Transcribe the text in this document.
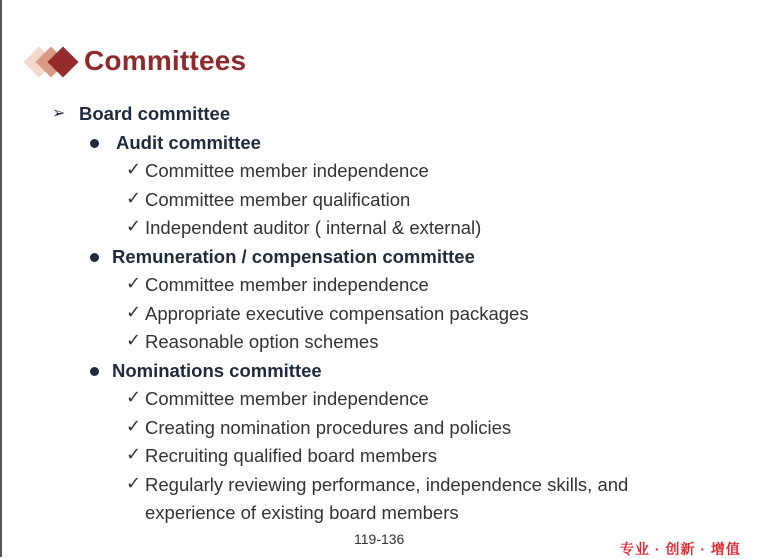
Committees
➢ Board committee
Audit committee
✓ Committee member independence
✓ Committee member qualification
✓ Independent auditor ( internal & external)
Remuneration / compensation committee
✓ Committee member independence
✓ Appropriate executive compensation packages
✓ Reasonable option schemes
Nominations committee
✓ Committee member independence
✓ Creating nomination procedures and policies
✓ Recruiting qualified board members
✓ Regularly reviewing performance, independence skills, and
experience of existing board members
119-136
专业 · 创新 · 增值
